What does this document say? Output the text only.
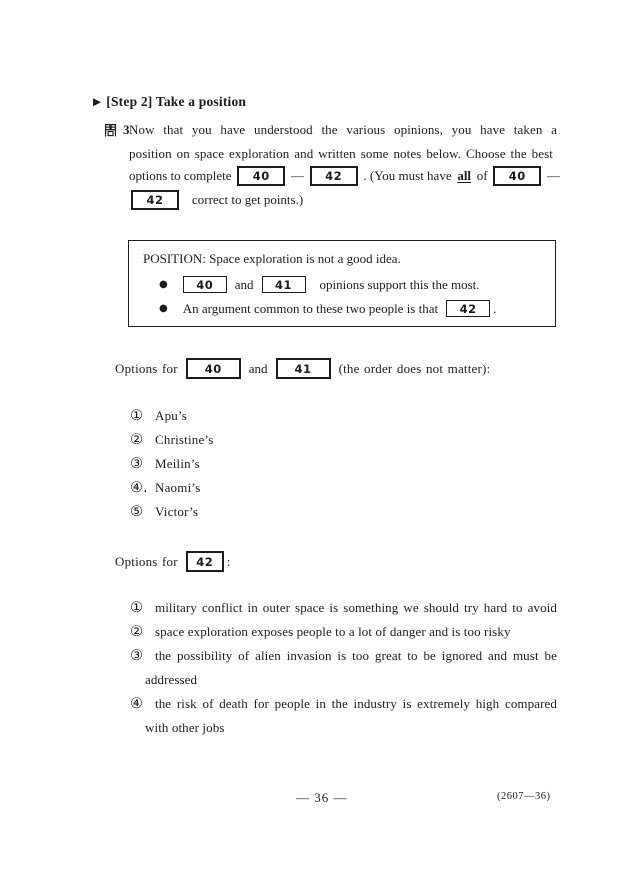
▶ [Step 2] Take a position
3 Now that you have understood the various opinions, you have taken a
position on space exploration and written some notes below. Choose the best
options to complete	40	—	42	. (You must have all of	40	—
42	correct to get points.)
POSITION: Space exploration is not a good idea.
●	40	and	41	opinions support this the most.
● An argument common to these two people is that	42	.
Options for	40	and	41	(the order does not matter):
① Apu’s
② Christine’s
③ Meilin’s
④. Naomi’s
⑤ Victor’s
Options for	42	:
① military conflict in outer space is something we should try hard to avoid
② space exploration exposes people to a lot of danger and is too risky
③ the possibility of alien invasion is too great to be ignored and must be
addressed
④ the risk of death for people in the industry is extremely high compared
with other jobs
— 36 —	(2607—36)
